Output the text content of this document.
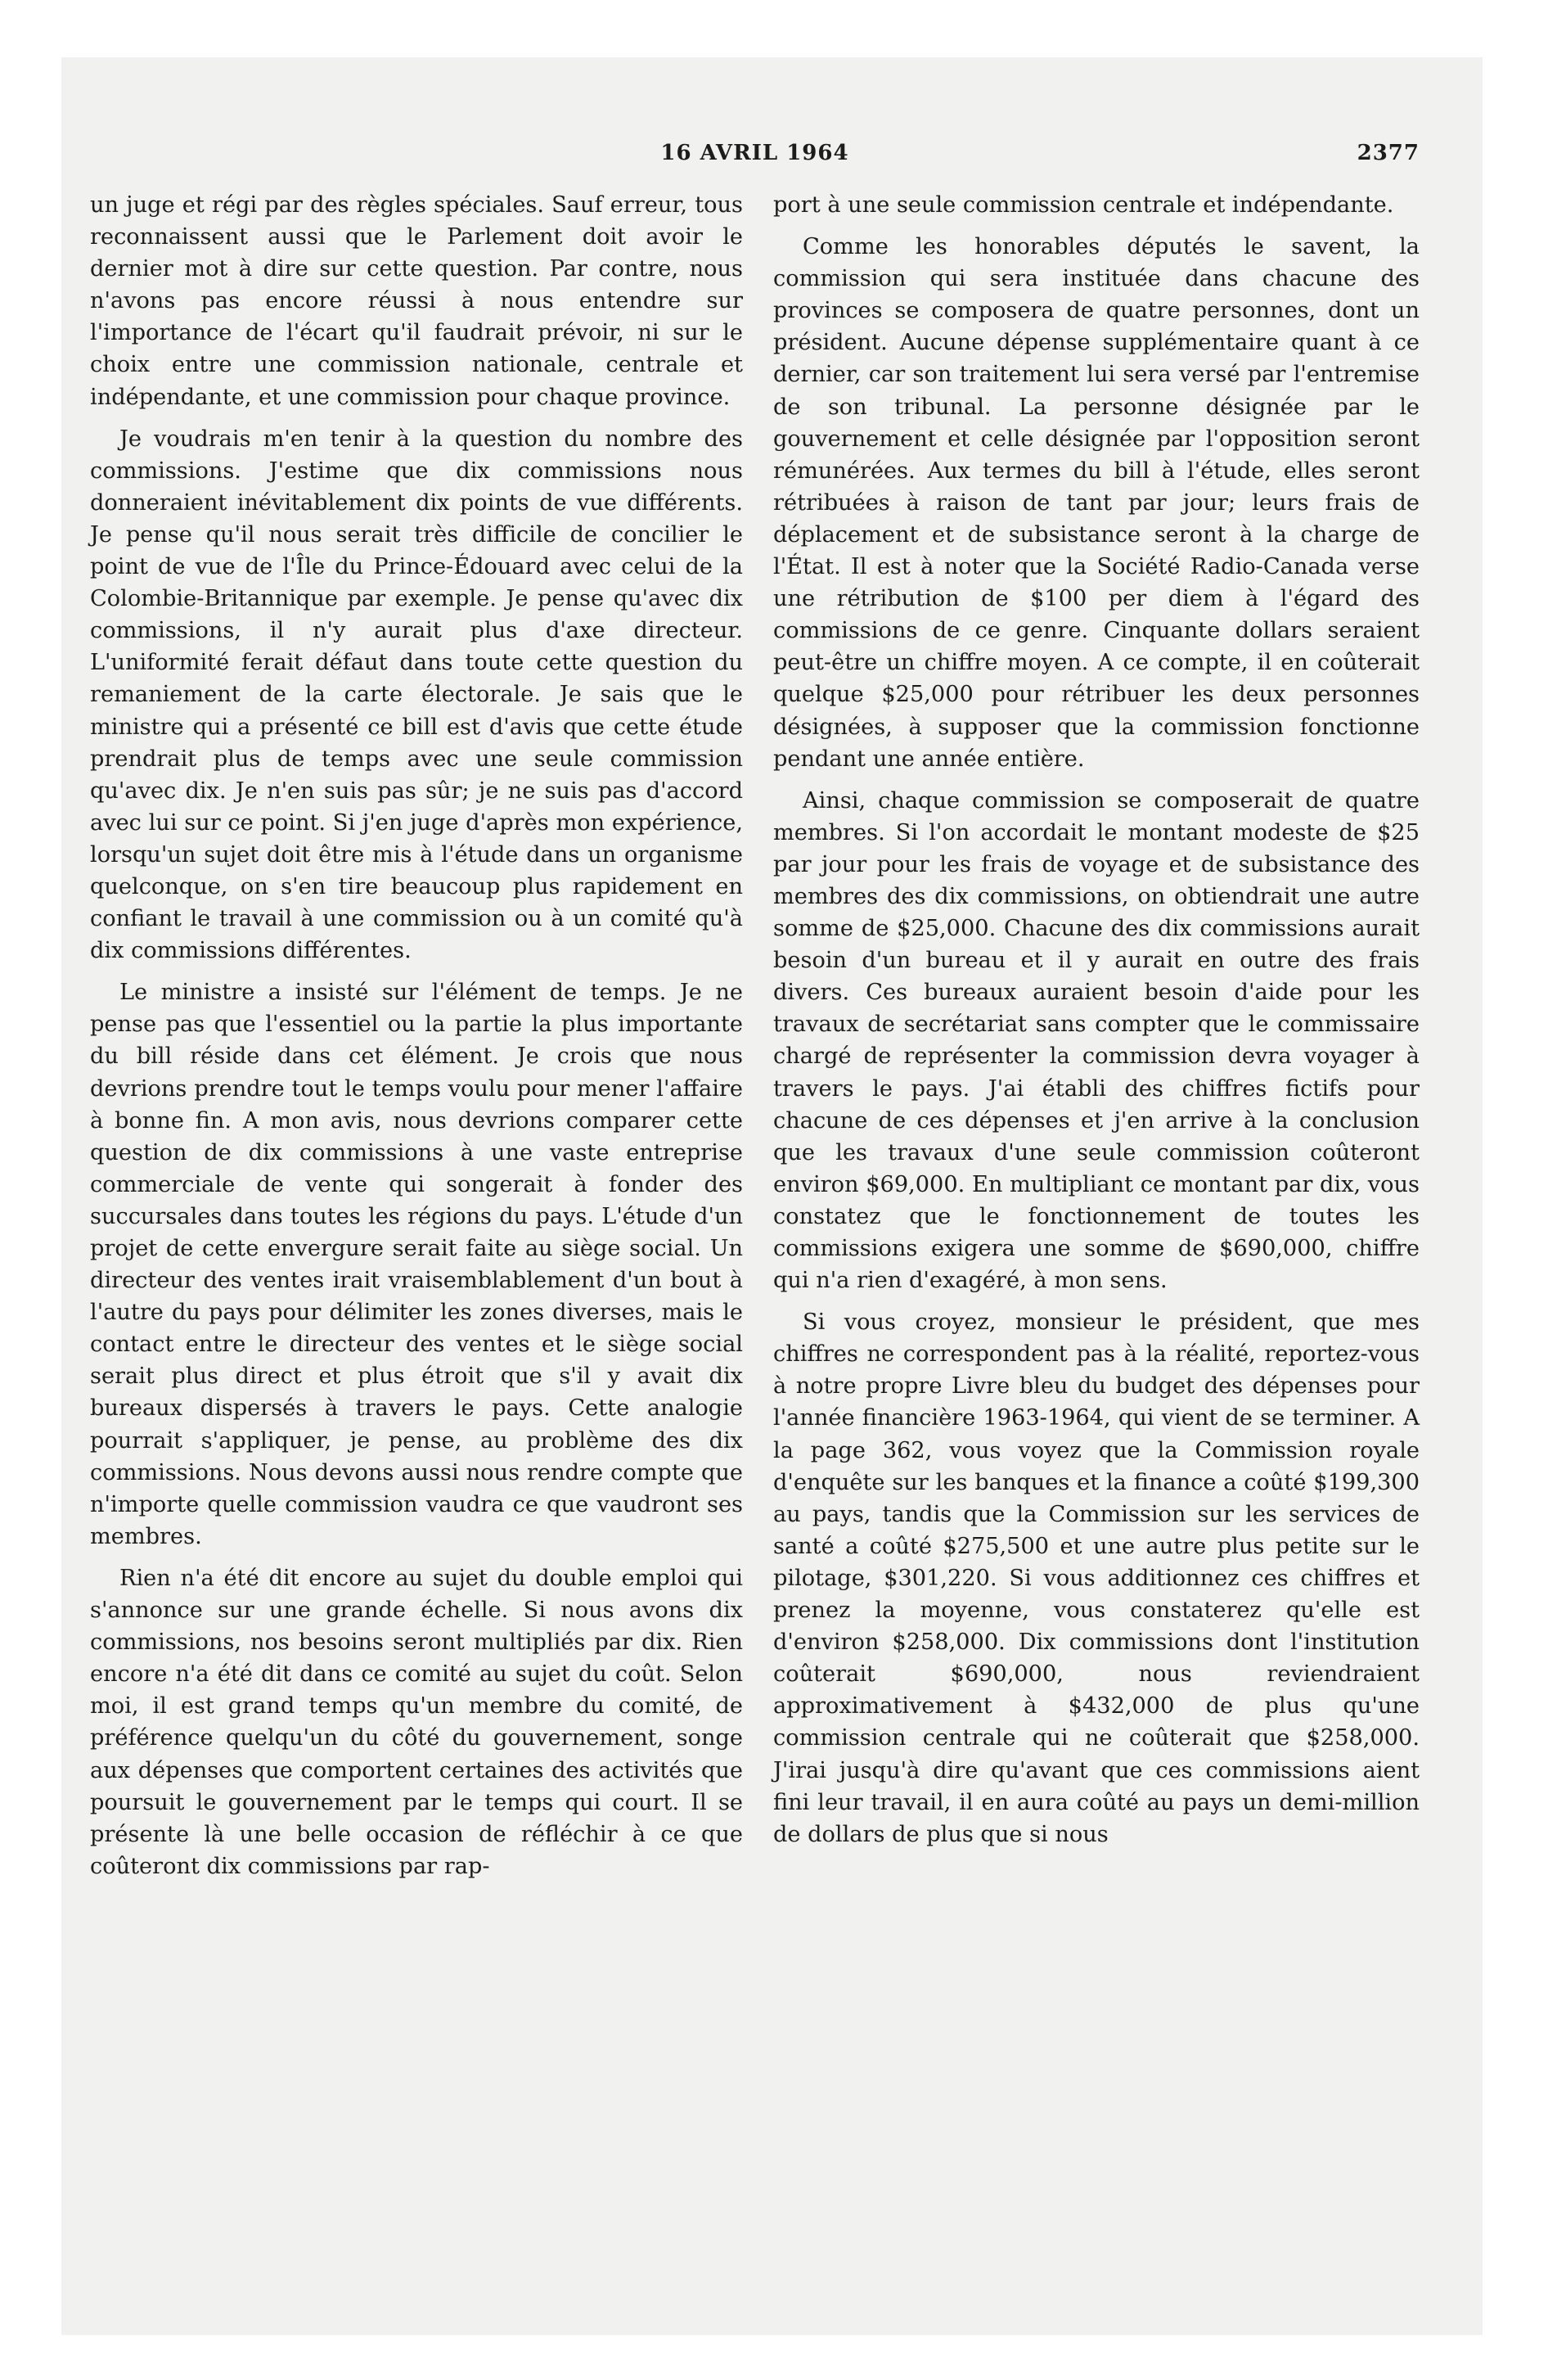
16 AVRIL 1964	2377

un juge et régi par des règles spéciales. Sauf erreur, tous reconnaissent aussi que le Parlement doit avoir le dernier mot à dire sur cette question. Par contre, nous n'avons pas encore réussi à nous entendre sur l'importance de l'écart qu'il faudrait prévoir, ni sur le choix entre une commission nationale, centrale et indépendante, et une commission pour chaque province.

Je voudrais m'en tenir à la question du nombre des commissions. J'estime que dix commissions nous donneraient inévitablement dix points de vue différents. Je pense qu'il nous serait très difficile de concilier le point de vue de l'Île du Prince-Édouard avec celui de la Colombie-Britannique par exemple. Je pense qu'avec dix commissions, il n'y aurait plus d'axe directeur. L'uniformité ferait défaut dans toute cette question du remaniement de la carte électorale. Je sais que le ministre qui a présenté ce bill est d'avis que cette étude prendrait plus de temps avec une seule commission qu'avec dix. Je n'en suis pas sûr; je ne suis pas d'accord avec lui sur ce point. Si j'en juge d'après mon expérience, lorsqu'un sujet doit être mis à l'étude dans un organisme quelconque, on s'en tire beaucoup plus rapidement en confiant le travail à une commission ou à un comité qu'à dix commissions différentes.

Le ministre a insisté sur l'élément de temps. Je ne pense pas que l'essentiel ou la partie la plus importante du bill réside dans cet élément. Je crois que nous devrions prendre tout le temps voulu pour mener l'affaire à bonne fin. A mon avis, nous devrions comparer cette question de dix commissions à une vaste entreprise commerciale de vente qui songerait à fonder des succursales dans toutes les régions du pays. L'étude d'un projet de cette envergure serait faite au siège social. Un directeur des ventes irait vraisemblablement d'un bout à l'autre du pays pour délimiter les zones diverses, mais le contact entre le directeur des ventes et le siège social serait plus direct et plus étroit que s'il y avait dix bureaux dispersés à travers le pays. Cette analogie pourrait s'appliquer, je pense, au problème des dix commissions. Nous devons aussi nous rendre compte que n'importe quelle commission vaudra ce que vaudront ses membres.

Rien n'a été dit encore au sujet du double emploi qui s'annonce sur une grande échelle. Si nous avons dix commissions, nos besoins seront multipliés par dix. Rien encore n'a été dit dans ce comité au sujet du coût. Selon moi, il est grand temps qu'un membre du comité, de préférence quelqu'un du côté du gouvernement, songe aux dépenses que comportent certaines des activités que poursuit le gouvernement par le temps qui court. Il se présente là une belle occasion de réfléchir à ce que coûteront dix commissions par rap-

port à une seule commission centrale et indépendante.

Comme les honorables députés le savent, la commission qui sera instituée dans chacune des provinces se composera de quatre personnes, dont un président. Aucune dépense supplémentaire quant à ce dernier, car son traitement lui sera versé par l'entremise de son tribunal. La personne désignée par le gouvernement et celle désignée par l'opposition seront rémunérées. Aux termes du bill à l'étude, elles seront rétribuées à raison de tant par jour; leurs frais de déplacement et de subsistance seront à la charge de l'État. Il est à noter que la Société Radio-Canada verse une rétribution de $100 per diem à l'égard des commissions de ce genre. Cinquante dollars seraient peut-être un chiffre moyen. A ce compte, il en coûterait quelque $25,000 pour rétribuer les deux personnes désignées, à supposer que la commission fonctionne pendant une année entière.

Ainsi, chaque commission se composerait de quatre membres. Si l'on accordait le montant modeste de $25 par jour pour les frais de voyage et de subsistance des membres des dix commissions, on obtiendrait une autre somme de $25,000. Chacune des dix commissions aurait besoin d'un bureau et il y aurait en outre des frais divers. Ces bureaux auraient besoin d'aide pour les travaux de secrétariat sans compter que le commissaire chargé de représenter la commission devra voyager à travers le pays. J'ai établi des chiffres fictifs pour chacune de ces dépenses et j'en arrive à la conclusion que les travaux d'une seule commission coûteront environ $69,000. En multipliant ce montant par dix, vous constatez que le fonctionnement de toutes les commissions exigera une somme de $690,000, chiffre qui n'a rien d'exagéré, à mon sens.

Si vous croyez, monsieur le président, que mes chiffres ne correspondent pas à la réalité, reportez-vous à notre propre Livre bleu du budget des dépenses pour l'année financière 1963-1964, qui vient de se terminer. A la page 362, vous voyez que la Commission royale d'enquête sur les banques et la finance a coûté $199,300 au pays, tandis que la Commission sur les services de santé a coûté $275,500 et une autre plus petite sur le pilotage, $301,220. Si vous additionnez ces chiffres et prenez la moyenne, vous constaterez qu'elle est d'environ $258,000. Dix commissions dont l'institution coûterait $690,000, nous reviendraient approximativement à $432,000 de plus qu'une commission centrale qui ne coûterait que $258,000. J'irai jusqu'à dire qu'avant que ces commissions aient fini leur travail, il en aura coûté au pays un demi-million de dollars de plus que si nous
